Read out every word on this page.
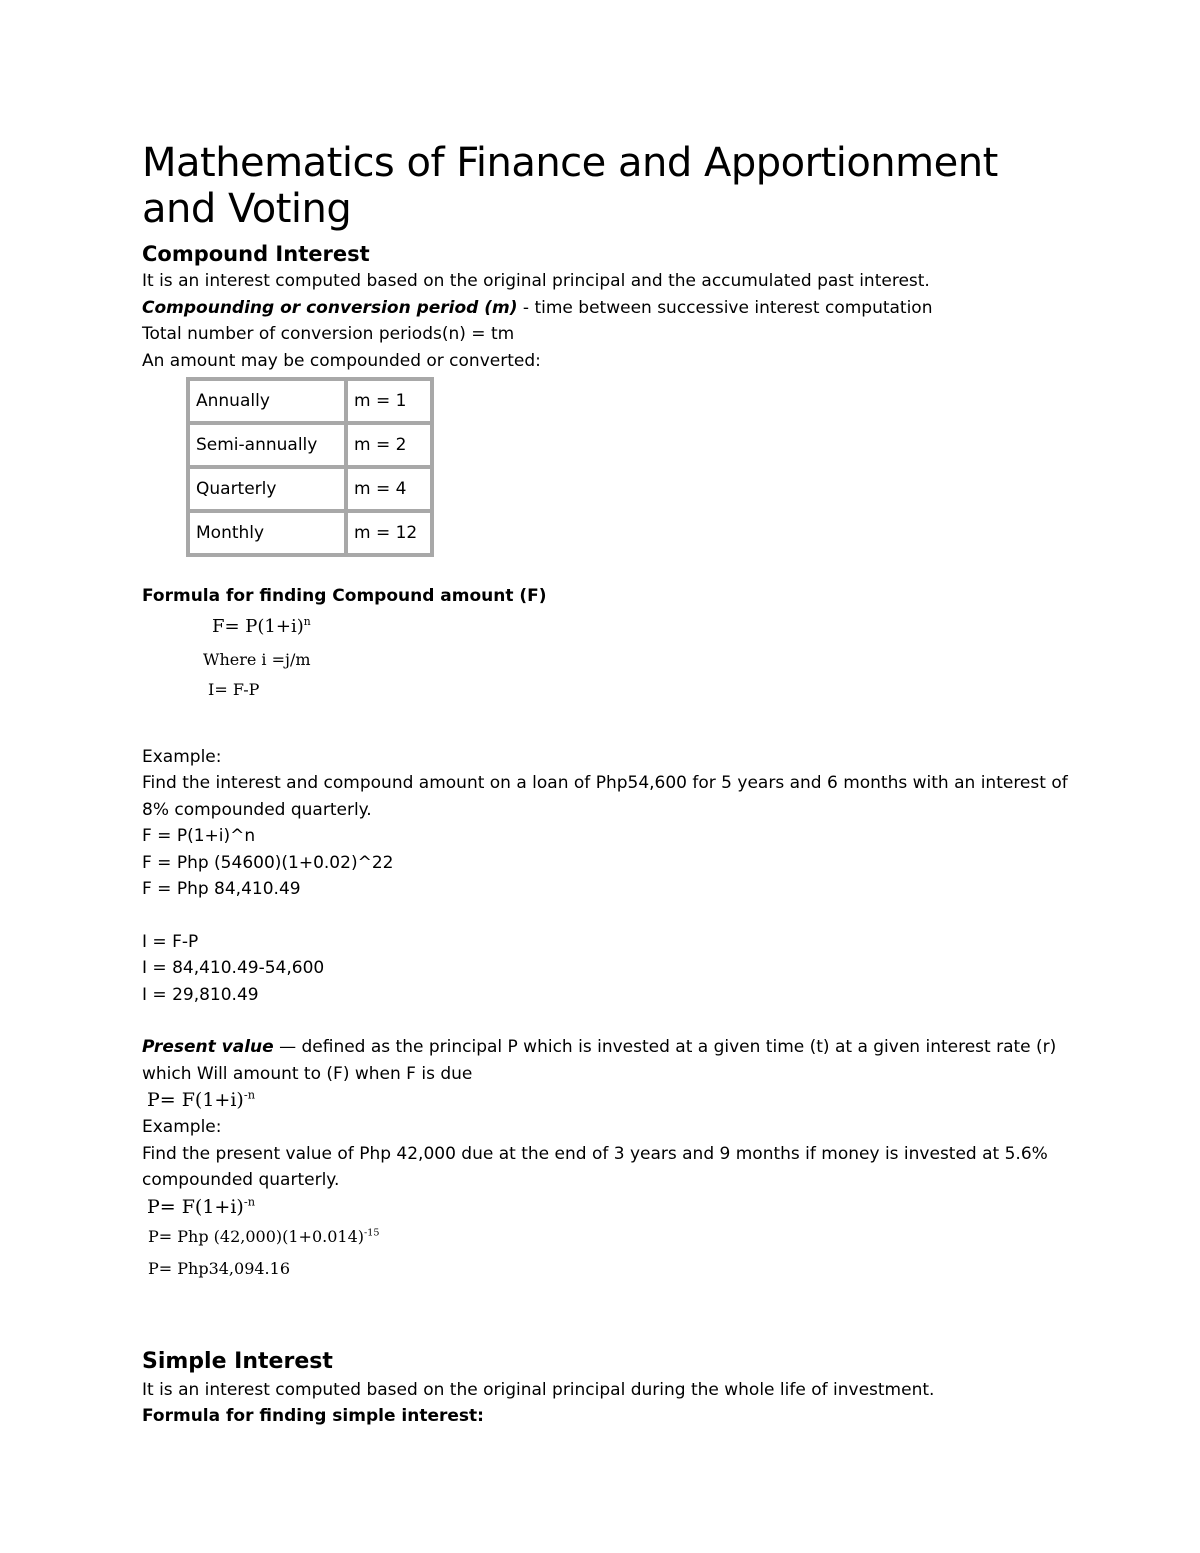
Mathematics of Finance and Apportionment and Voting
Compound Interest

It is an interest computed based on the original principal and the accumulated past interest.

Compounding or conversion period (m) - time between successive interest computation

Total number of conversion periods(n) = tm

An amount may be compounded or converted:

Annually	m = 1
Semi-annually	m = 2
Quarterly	m = 4
Monthly	m = 12

Formula for finding Compound amount (F)

$F= P(1+i)^n$

Where i =j/m

I= F-P

Example:

Find the interest and compound amount on a loan of Php54,600 for 5 years and 6 months with an interest of 8% compounded quarterly.

F = P(1+i)^n

F = Php (54600)(1+0.02)^22

F = Php 84,410.49

I = F-P

I = 84,410.49-54,600

I = 29,810.49

Present value — defined as the principal P which is invested at a given time (t) at a given interest rate (r) which Will amount to (F) when F is due

$P= F(1+i)^{-n}$

Example:

Find the present value of Php 42,000 due at the end of 3 years and 9 months if money is invested at 5.6% compounded quarterly.

$P= F(1+i)^{-n}$

P= Php $(42,000)(1+0.014)^{-15}$

P= Php34,094.16

Simple Interest

It is an interest computed based on the original principal during the whole life of investment.

Formula for finding simple interest:
